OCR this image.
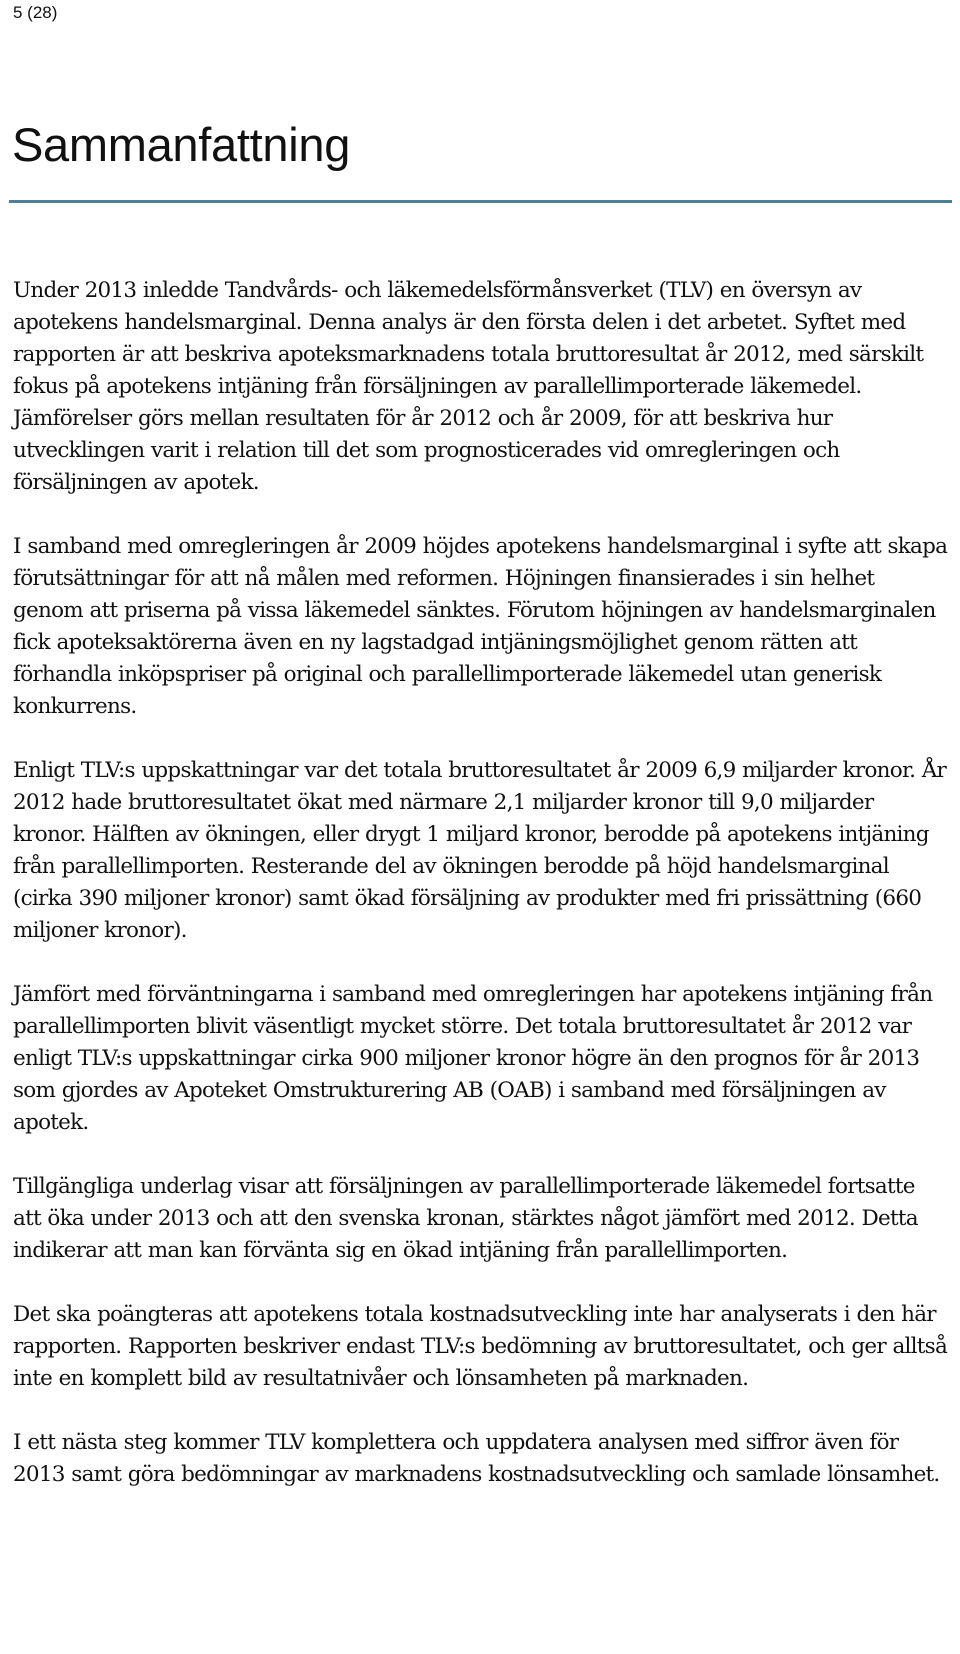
5 (28)
Sammanfattning

Under 2013 inledde Tandvårds- och läkemedelsförmånsverket (TLV) en översyn av apotekens handelsmarginal. Denna analys är den första delen i det arbetet. Syftet med rapporten är att beskriva apoteksmarknadens totala bruttoresultat år 2012, med särskilt fokus på apotekens intjäning från försäljningen av parallellimporterade läkemedel. Jämförelser görs mellan resultaten för år 2012 och år 2009, för att beskriva hur utvecklingen varit i relation till det som prognosticerades vid omregleringen och försäljningen av apotek.

I samband med omregleringen år 2009 höjdes apotekens handelsmarginal i syfte att skapa förutsättningar för att nå målen med reformen. Höjningen finansierades i sin helhet genom att priserna på vissa läkemedel sänktes. Förutom höjningen av handelsmarginalen fick apoteksaktörerna även en ny lagstadgad intjäningsmöjlighet genom rätten att förhandla inköpspriser på original och parallellimporterade läkemedel utan generisk konkurrens.

Enligt TLV:s uppskattningar var det totala bruttoresultatet år 2009 6,9 miljarder kronor. År 2012 hade bruttoresultatet ökat med närmare 2,1 miljarder kronor till 9,0 miljarder kronor. Hälften av ökningen, eller drygt 1 miljard kronor, berodde på apotekens intjäning från parallellimporten. Resterande del av ökningen berodde på höjd handelsmarginal (cirka 390 miljoner kronor) samt ökad försäljning av produkter med fri prissättning (660 miljoner kronor).

Jämfört med förväntningarna i samband med omregleringen har apotekens intjäning från parallellimporten blivit väsentligt mycket större. Det totala bruttoresultatet år 2012 var enligt TLV:s uppskattningar cirka 900 miljoner kronor högre än den prognos för år 2013 som gjordes av Apoteket Omstrukturering AB (OAB) i samband med försäljningen av apotek.

Tillgängliga underlag visar att försäljningen av parallellimporterade läkemedel fortsatte att öka under 2013 och att den svenska kronan, stärktes något jämfört med 2012. Detta indikerar att man kan förvänta sig en ökad intjäning från parallellimporten.

Det ska poängteras att apotekens totala kostnadsutveckling inte har analyserats i den här rapporten. Rapporten beskriver endast TLV:s bedömning av bruttoresultatet, och ger alltså inte en komplett bild av resultatnivåer och lönsamheten på marknaden.

I ett nästa steg kommer TLV komplettera och uppdatera analysen med siffror även för 2013 samt göra bedömningar av marknadens kostnadsutveckling och samlade lönsamhet.
